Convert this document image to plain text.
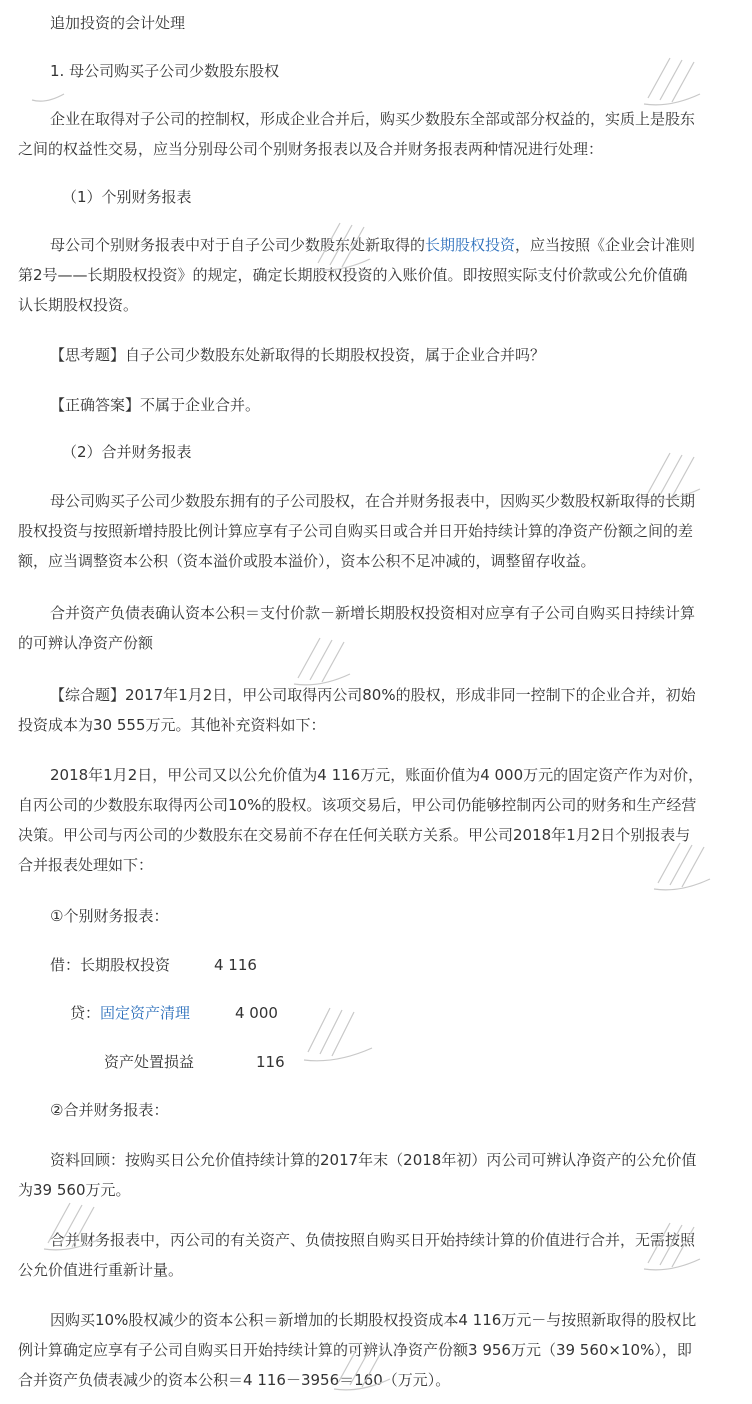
追加投资的会计处理

1. 母公司购买子公司少数股东股权

企业在取得对子公司的控制权，形成企业合并后，购买少数股东全部或部分权益的，实质上是股东

之间的权益性交易，应当分别母公司个别财务报表以及合并财务报表两种情况进行处理：

（1）个别财务报表

母公司个别财务报表中对于自子公司少数股东处新取得的长期股权投资，应当按照《企业会计准则

第2号——长期股权投资》的规定，确定长期股权投资的入账价值。即按照实际支付价款或公允价值确

认长期股权投资。

【思考题】自子公司少数股东处新取得的长期股权投资，属于企业合并吗？

【正确答案】不属于企业合并。

（2）合并财务报表

母公司购买子公司少数股东拥有的子公司股权，在合并财务报表中，因购买少数股权新取得的长期

股权投资与按照新增持股比例计算应享有子公司自购买日或合并日开始持续计算的净资产份额之间的差

额，应当调整资本公积（资本溢价或股本溢价），资本公积不足冲减的，调整留存收益。

合并资产负债表确认资本公积＝支付价款－新增长期股权投资相对应享有子公司自购买日持续计算

的可辨认净资产份额

【综合题】2017年1月2日，甲公司取得丙公司80%的股权，形成非同一控制下的企业合并，初始

投资成本为30 555万元。其他补充资料如下：

2018年1月2日，甲公司又以公允价值为4 116万元，账面价值为4 000万元的固定资产作为对价，

自丙公司的少数股东取得丙公司10%的股权。该项交易后，甲公司仍能够控制丙公司的财务和生产经营

决策。甲公司与丙公司的少数股东在交易前不存在任何关联方关系。甲公司2018年1月2日个别报表与

合并报表处理如下：

①个别财务报表：

借：长期股权投资	4 116

贷：固定资产清理	4 000

资产处置损益	116

②合并财务报表：

资料回顾：按购买日公允价值持续计算的2017年末（2018年初）丙公司可辨认净资产的公允价值

为39 560万元。

合并财务报表中，丙公司的有关资产、负债按照自购买日开始持续计算的价值进行合并，无需按照

公允价值进行重新计量。

因购买10%股权减少的资本公积＝新增加的长期股权投资成本4 116万元－与按照新取得的股权比

例计算确定应享有子公司自购买日开始持续计算的可辨认净资产份额3 956万元（39 560×10%），即

合并资产负债表减少的资本公积＝4 116－3956＝160（万元）。
